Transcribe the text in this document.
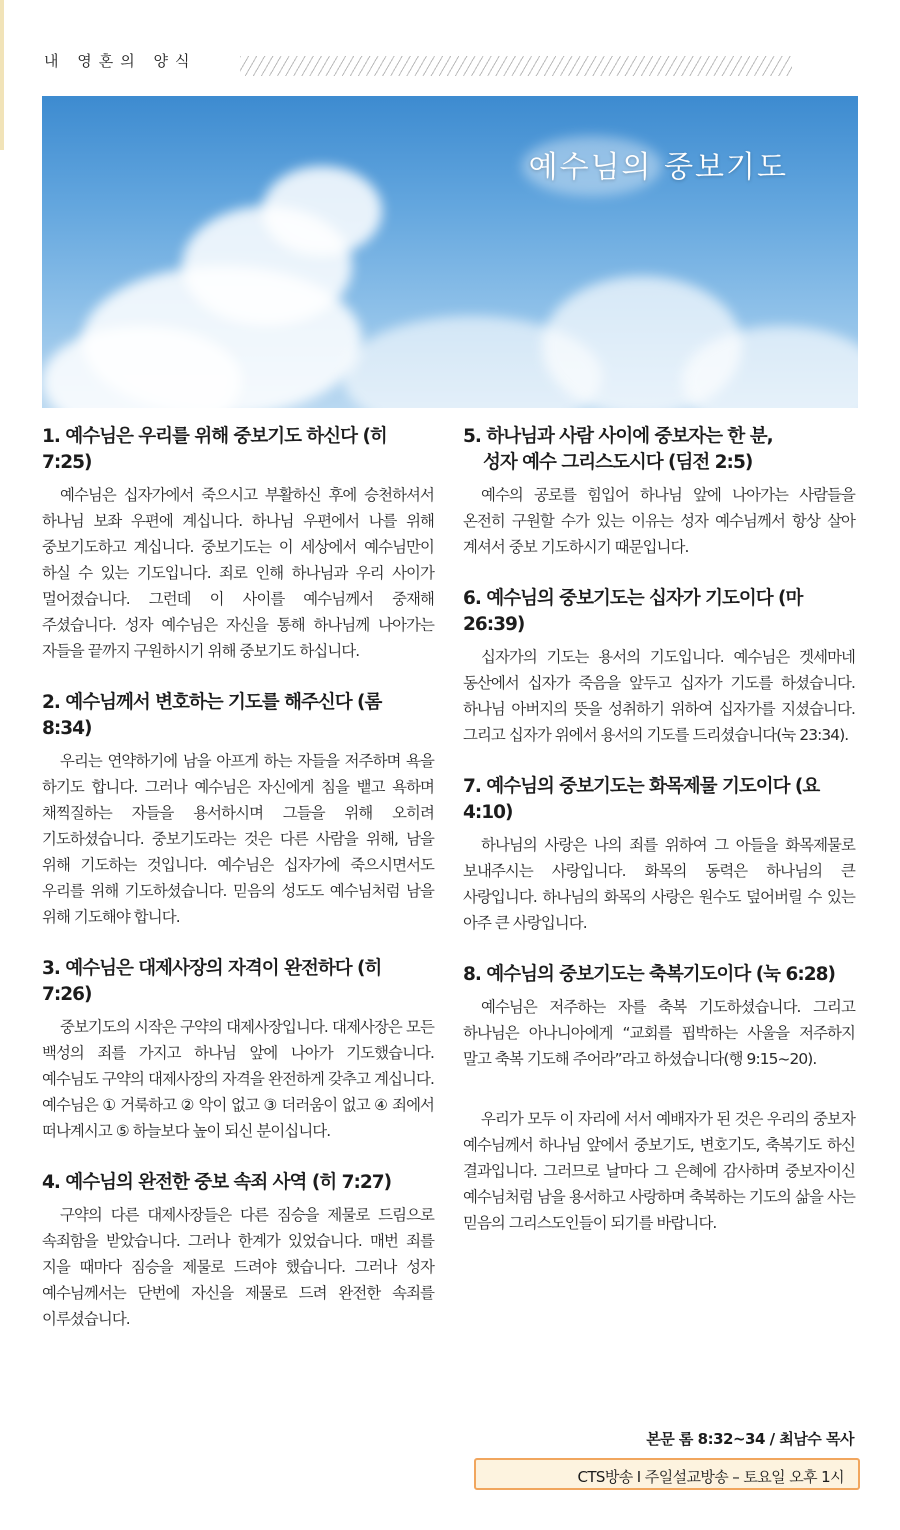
내 영혼의 양식
예수님의 중보기도

1. 예수님은 우리를 위해 중보기도 하신다 (히 7:25)

예수님은 십자가에서 죽으시고 부활하신 후에 승천하셔서 하나님 보좌 우편에 계십니다. 하나님 우편에서 나를 위해 중보기도하고 계십니다. 중보기도는 이 세상에서 예수님만이 하실 수 있는 기도입니다. 죄로 인해 하나님과 우리 사이가 멀어졌습니다. 그런데 이 사이를 예수님께서 중재해 주셨습니다. 성자 예수님은 자신을 통해 하나님께 나아가는 자들을 끝까지 구원하시기 위해 중보기도 하십니다.

2. 예수님께서 변호하는 기도를 해주신다 (롬 8:34)

우리는 연약하기에 남을 아프게 하는 자들을 저주하며 욕을 하기도 합니다. 그러나 예수님은 자신에게 침을 뱉고 욕하며 채찍질하는 자들을 용서하시며 그들을 위해 오히려 기도하셨습니다. 중보기도라는 것은 다른 사람을 위해, 남을 위해 기도하는 것입니다. 예수님은 십자가에 죽으시면서도 우리를 위해 기도하셨습니다. 믿음의 성도도 예수님처럼 남을 위해 기도해야 합니다.

3. 예수님은 대제사장의 자격이 완전하다 (히 7:26)

중보기도의 시작은 구약의 대제사장입니다. 대제사장은 모든 백성의 죄를 가지고 하나님 앞에 나아가 기도했습니다. 예수님도 구약의 대제사장의 자격을 완전하게 갖추고 계십니다. 예수님은 ① 거룩하고 ② 악이 없고 ③ 더러움이 없고 ④ 죄에서 떠나계시고 ⑤ 하늘보다 높이 되신 분이십니다.

4. 예수님의 완전한 중보 속죄 사역 (히 7:27)

구약의 다른 대제사장들은 다른 짐승을 제물로 드림으로 속죄함을 받았습니다. 그러나 한계가 있었습니다. 매번 죄를 지을 때마다 짐승을 제물로 드려야 했습니다. 그러나 성자 예수님께서는 단번에 자신을 제물로 드려 완전한 속죄를 이루셨습니다.

5. 하나님과 사람 사이에 중보자는 한 분,
성자 예수 그리스도시다 (딤전 2:5)

예수의 공로를 힘입어 하나님 앞에 나아가는 사람들을 온전히 구원할 수가 있는 이유는 성자 예수님께서 항상 살아 계셔서 중보 기도하시기 때문입니다.

6. 예수님의 중보기도는 십자가 기도이다 (마 26:39)

십자가의 기도는 용서의 기도입니다. 예수님은 겟세마네 동산에서 십자가 죽음을 앞두고 십자가 기도를 하셨습니다. 하나님 아버지의 뜻을 성취하기 위하여 십자가를 지셨습니다. 그리고 십자가 위에서 용서의 기도를 드리셨습니다(눅 23:34).

7. 예수님의 중보기도는 화목제물 기도이다 (요 4:10)

하나님의 사랑은 나의 죄를 위하여 그 아들을 화목제물로 보내주시는 사랑입니다. 화목의 동력은 하나님의 큰 사랑입니다. 하나님의 화목의 사랑은 원수도 덮어버릴 수 있는 아주 큰 사랑입니다.

8. 예수님의 중보기도는 축복기도이다 (눅 6:28)

예수님은 저주하는 자를 축복 기도하셨습니다. 그리고 하나님은 아나니아에게 “교회를 핍박하는 사울을 저주하지 말고 축복 기도해 주어라”라고 하셨습니다(행 9:15~20).

우리가 모두 이 자리에 서서 예배자가 된 것은 우리의 중보자 예수님께서 하나님 앞에서 중보기도, 변호기도, 축복기도 하신 결과입니다. 그러므로 날마다 그 은혜에 감사하며 중보자이신 예수님처럼 남을 용서하고 사랑하며 축복하는 기도의 삶을 사는 믿음의 그리스도인들이 되기를 바랍니다.

본문 롬 8:32~34 / 최남수 목사
CTS방송 I 주일설교방송 – 토요일 오후 1시
